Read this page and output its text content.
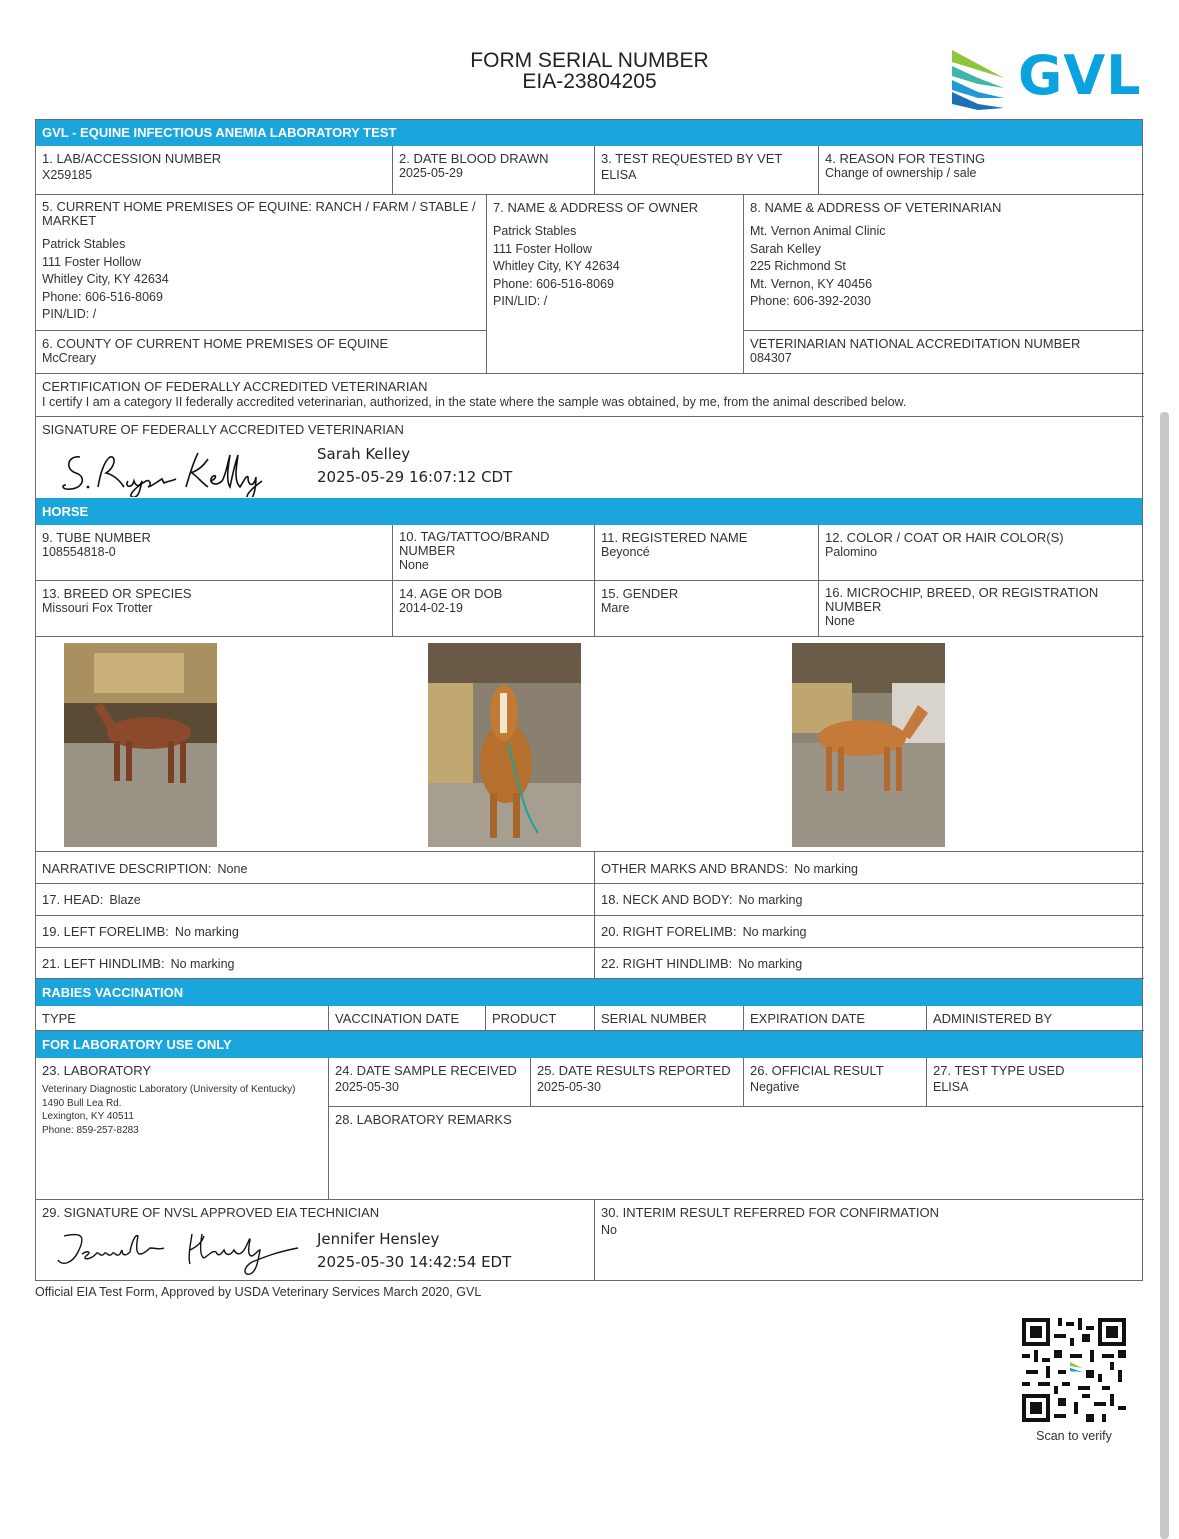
FORM SERIAL NUMBER
EIA-23804205	GVL
GVL - EQUINE INFECTIOUS ANEMIA LABORATORY TEST
1. LAB/ACCESSION NUMBER
X259185
2. DATE BLOOD DRAWN
2025-05-29
3. TEST REQUESTED BY VET
ELISA
4. REASON FOR TESTING
Change of ownership / sale
5. CURRENT HOME PREMISES OF EQUINE: RANCH / FARM / STABLE / MARKET
Patrick Stables
111 Foster Hollow
Whitley City, KY 42634
Phone: 606-516-8069
PIN/LID: /
7. NAME & ADDRESS OF OWNER
Patrick Stables
111 Foster Hollow
Whitley City, KY 42634
Phone: 606-516-8069
PIN/LID: /
8. NAME & ADDRESS OF VETERINARIAN
Mt. Vernon Animal Clinic
Sarah Kelley
225 Richmond St
Mt. Vernon, KY 40456
Phone: 606-392-2030
6. COUNTY OF CURRENT HOME PREMISES OF EQUINE
McCreary
VETERINARIAN NATIONAL ACCREDITATION NUMBER
084307
CERTIFICATION OF FEDERALLY ACCREDITED VETERINARIAN
I certify I am a category II federally accredited veterinarian, authorized, in the state where the sample was obtained, by me, from the animal described below.
SIGNATURE OF FEDERALLY ACCREDITED VETERINARIAN
Sarah Kelley
2025-05-29 16:07:12 CDT
HORSE
9. TUBE NUMBER
108554818-0
10. TAG/TATTOO/BRAND NUMBER
None
11. REGISTERED NAME
Beyoncé
12. COLOR / COAT OR HAIR COLOR(S)
Palomino
13. BREED OR SPECIES
Missouri Fox Trotter
14. AGE OR DOB
2014-02-19
15. GENDER
Mare
16. MICROCHIP, BREED, OR REGISTRATION NUMBER
None
NARRATIVE DESCRIPTION: None	OTHER MARKS AND BRANDS: No marking
17. HEAD: Blaze	18. NECK AND BODY: No marking
19. LEFT FORELIMB: No marking	20. RIGHT FORELIMB: No marking
21. LEFT HINDLIMB: No marking	22. RIGHT HINDLIMB: No marking
RABIES VACCINATION
TYPE	VACCINATION DATE	PRODUCT	SERIAL NUMBER	EXPIRATION DATE	ADMINISTERED BY
FOR LABORATORY USE ONLY
23. LABORATORY
Veterinary Diagnostic Laboratory (University of Kentucky)
1490 Bull Lea Rd.
Lexington, KY 40511
Phone: 859-257-8283
24. DATE SAMPLE RECEIVED
2025-05-30
25. DATE RESULTS REPORTED
2025-05-30
26. OFFICIAL RESULT
Negative
27. TEST TYPE USED
ELISA
28. LABORATORY REMARKS
29. SIGNATURE OF NVSL APPROVED EIA TECHNICIAN
Jennifer Hensley
2025-05-30 14:42:54 EDT
30. INTERIM RESULT REFERRED FOR CONFIRMATION
No
Official EIA Test Form, Approved by USDA Veterinary Services March 2020, GVL
Scan to verify
